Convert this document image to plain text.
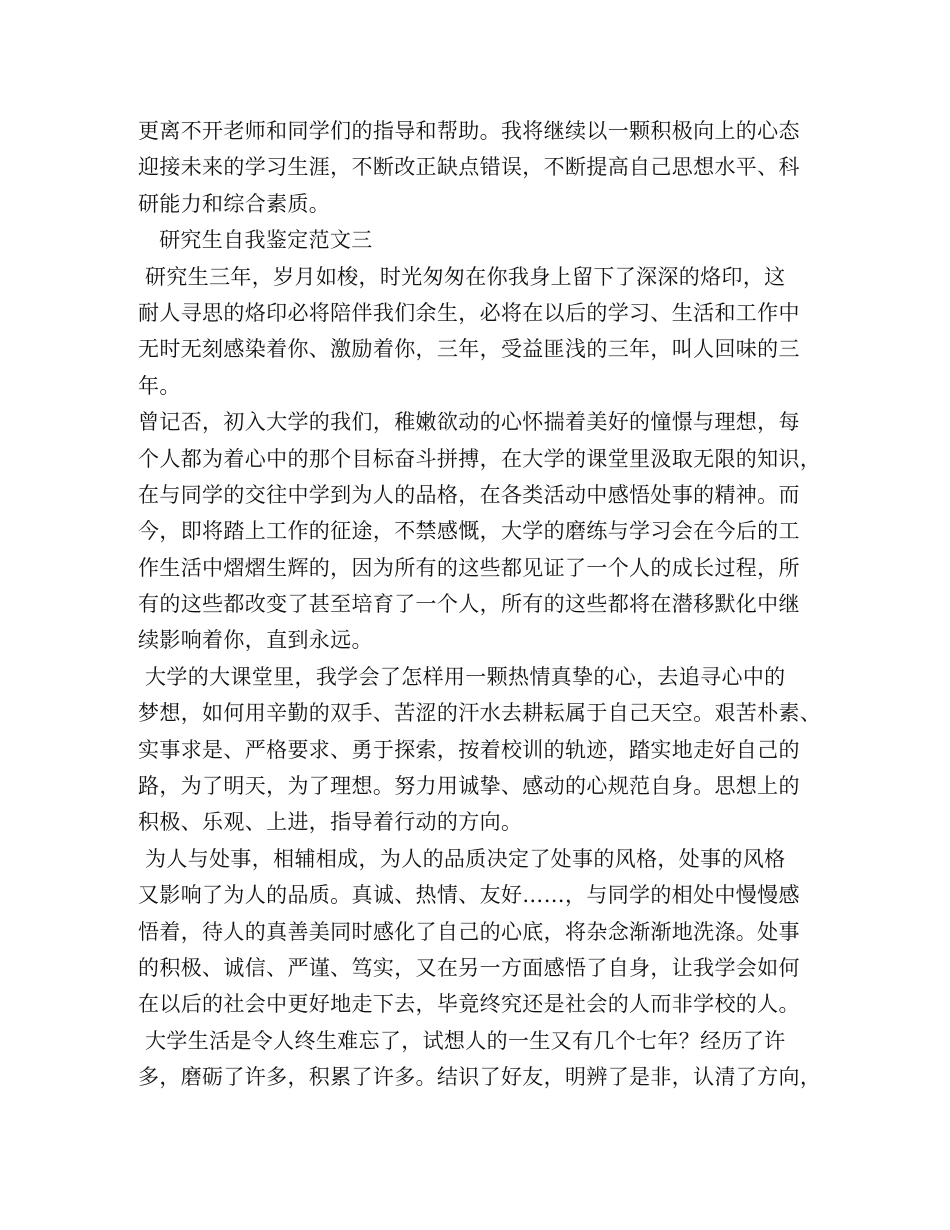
更离不开老师和同学们的指导和帮助。我将继续以一颗积极向上的心态
迎接未来的学习生涯，不断改正缺点错误，不断提高自己思想水平、科
研能力和综合素质。
研究生自我鉴定范文三
研究生三年，岁月如梭，时光匆匆在你我身上留下了深深的烙印，这
耐人寻思的烙印必将陪伴我们余生，必将在以后的学习、生活和工作中
无时无刻感染着你、激励着你，三年，受益匪浅的三年，叫人回味的三
年。
曾记否，初入大学的我们，稚嫩欲动的心怀揣着美好的憧憬与理想，每
个人都为着心中的那个目标奋斗拼搏，在大学的课堂里汲取无限的知识，
在与同学的交往中学到为人的品格，在各类活动中感悟处事的精神。而
今，即将踏上工作的征途，不禁感慨，大学的磨练与学习会在今后的工
作生活中熠熠生辉的，因为所有的这些都见证了一个人的成长过程，所
有的这些都改变了甚至培育了一个人，所有的这些都将在潜移默化中继
续影响着你，直到永远。
大学的大课堂里，我学会了怎样用一颗热情真挚的心，去追寻心中的
梦想，如何用辛勤的双手、苦涩的汗水去耕耘属于自己天空。艰苦朴素、
实事求是、严格要求、勇于探索，按着校训的轨迹，踏实地走好自己的
路，为了明天，为了理想。努力用诚挚、感动的心规范自身。思想上的
积极、乐观、上进，指导着行动的方向。
为人与处事，相辅相成，为人的品质决定了处事的风格，处事的风格
又影响了为人的品质。真诚、热情、友好……，与同学的相处中慢慢感
悟着，待人的真善美同时感化了自己的心底，将杂念渐渐地洗涤。处事
的积极、诚信、严谨、笃实，又在另一方面感悟了自身，让我学会如何
在以后的社会中更好地走下去，毕竟终究还是社会的人而非学校的人。
大学生活是令人终生难忘了，试想人的一生又有几个七年？经历了许
多，磨砺了许多，积累了许多。结识了好友，明辨了是非，认清了方向，
